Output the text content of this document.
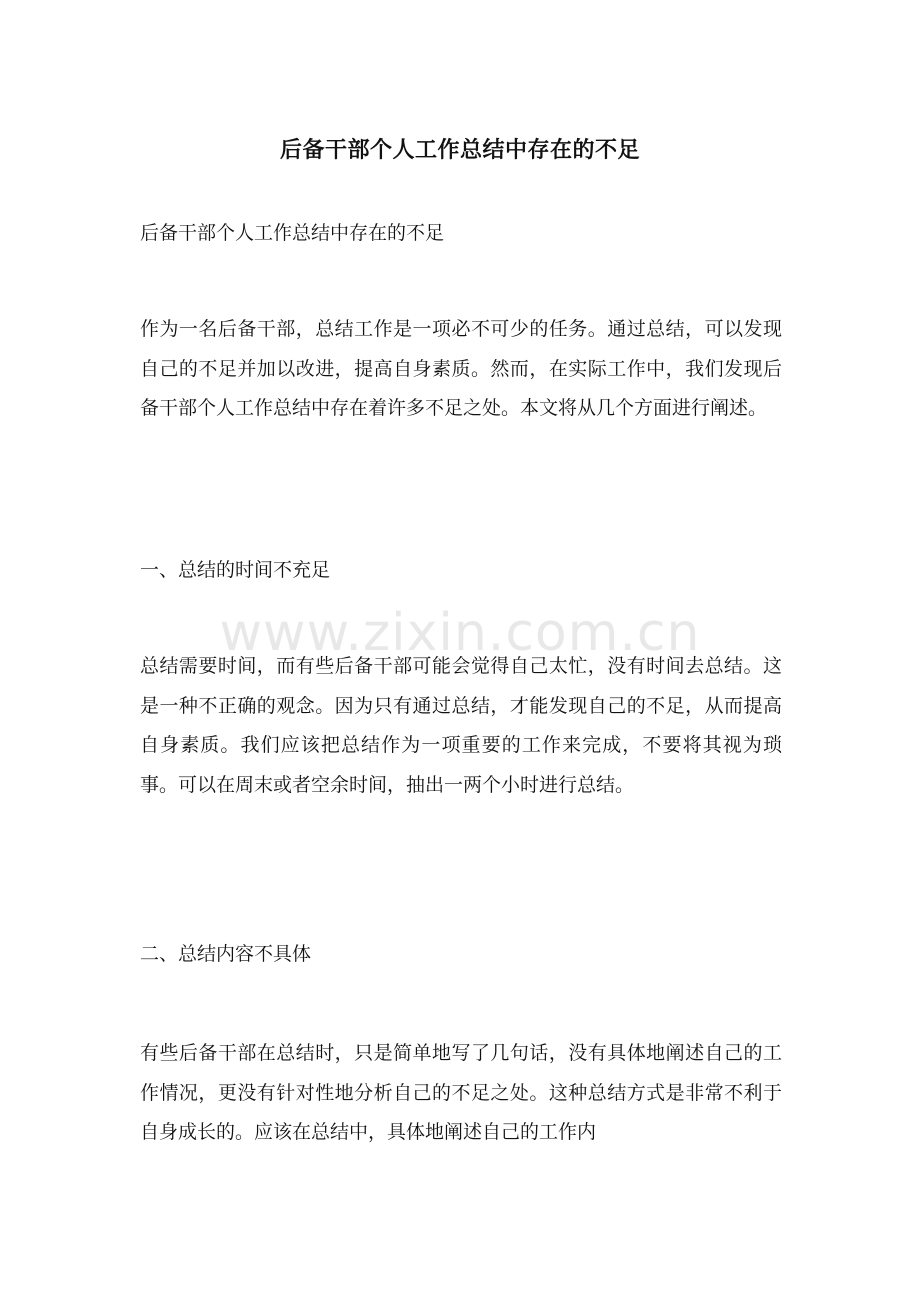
后备干部个人工作总结中存在的不足

后备干部个人工作总结中存在的不足

作为一名后备干部，总结工作是一项必不可少的任务。通过总结，可以发现自己的不足并加以改进，提高自身素质。然而，在实际工作中，我们发现后备干部个人工作总结中存在着许多不足之处。本文将从几个方面进行阐述。

一、总结的时间不充足

总结需要时间，而有些后备干部可能会觉得自己太忙，没有时间去总结。这是一种不正确的观念。因为只有通过总结，才能发现自己的不足，从而提高自身素质。我们应该把总结作为一项重要的工作来完成，不要将其视为琐事。可以在周末或者空余时间，抽出一两个小时进行总结。

二、总结内容不具体

有些后备干部在总结时，只是简单地写了几句话，没有具体地阐述自己的工作情况，更没有针对性地分析自己的不足之处。这种总结方式是非常不利于自身成长的。应该在总结中，具体地阐述自己的工作内

www.zixin.com.cn
